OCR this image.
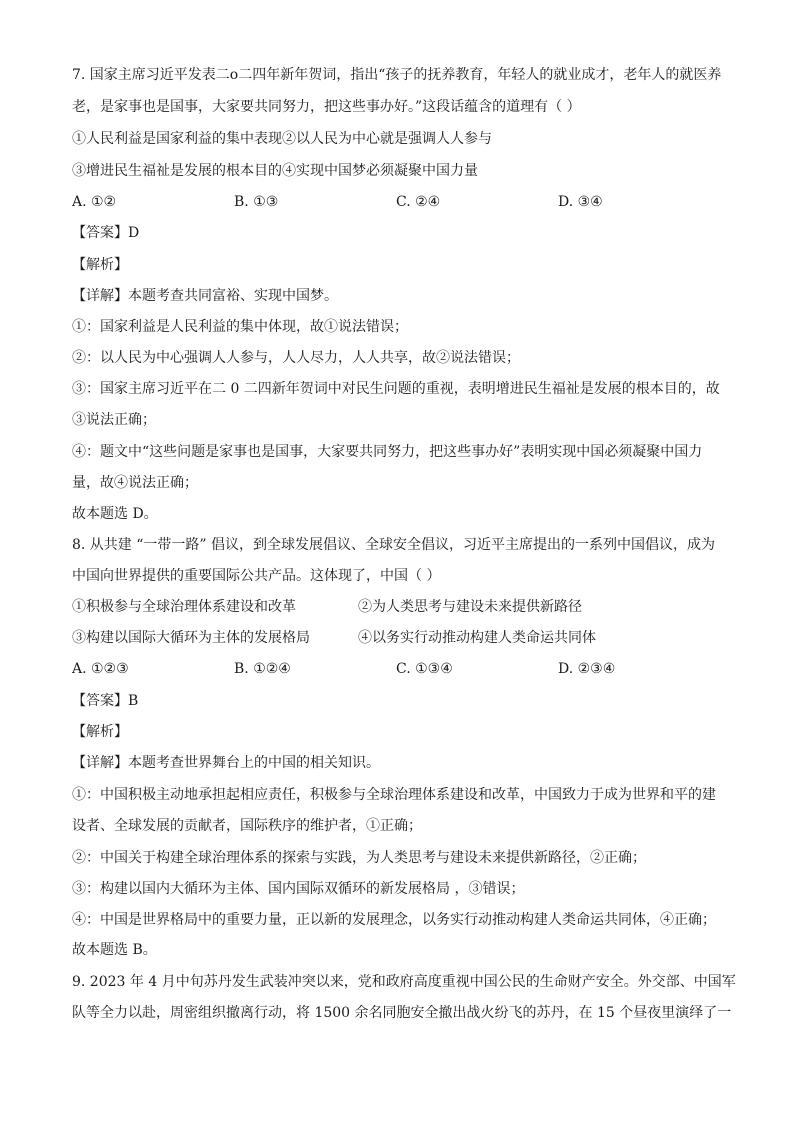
7. 国家主席习近平发表二o二四年新年贺词，指出“孩子的抚养教育，年轻人的就业成才，老年人的就医养
老，是家事也是国事，大家要共同努力，把这些事办好。”这段话蕴含的道理有（ ）
①人民利益是国家利益的集中表现②以人民为中心就是强调人人参与
③增进民生福祉是发展的根本目的④实现中国梦必须凝聚中国力量
A. ①②	B. ①③	C. ②④	D. ③④
【答案】D
【解析】
【详解】本题考查共同富裕、实现中国梦。
①：国家利益是人民利益的集中体现，故①说法错误；
②：以人民为中心强调人人参与，人人尽力，人人共享，故②说法错误；
③：国家主席习近平在二 0 二四新年贺词中对民生问题的重视，表明增进民生福祉是发展的根本目的，故
③说法正确；
④：题文中“这些问题是家事也是国事，大家要共同努力，把这些事办好”表明实现中国必须凝聚中国力
量，故④说法正确；
故本题选 D。
8. 从共建 “一带一路” 倡议，到全球发展倡议、全球安全倡议，习近平主席提出的一系列中国倡议，成为
中国向世界提供的重要国际公共产品。这体现了，中国（ ）
①积极参与全球治理体系建设和改革	②为人类思考与建设未来提供新路径
③构建以国际大循环为主体的发展格局	④以务实行动推动构建人类命运共同体
A. ①②③	B. ①②④	C. ①③④	D. ②③④
【答案】B
【解析】
【详解】本题考查世界舞台上的中国的相关知识。
①：中国积极主动地承担起相应责任，积极参与全球治理体系建设和改革，中国致力于成为世界和平的建
设者、全球发展的贡献者，国际秩序的维护者，①正确；
②：中国关于构建全球治理体系的探索与实践，为人类思考与建设未来提供新路径，②正确；
③：构建以国内大循环为主体、国内国际双循环的新发展格局 ，③错误；
④：中国是世界格局中的重要力量，正以新的发展理念，以务实行动推动构建人类命运共同体，④正确；
故本题选 B。
9. 2023 年 4 月中旬苏丹发生武装冲突以来，党和政府高度重视中国公民的生命财产安全。外交部、中国军
队等全力以赴，周密组织撤离行动，将 1500 余名同胞安全撤出战火纷飞的苏丹，在 15 个昼夜里演绎了一
